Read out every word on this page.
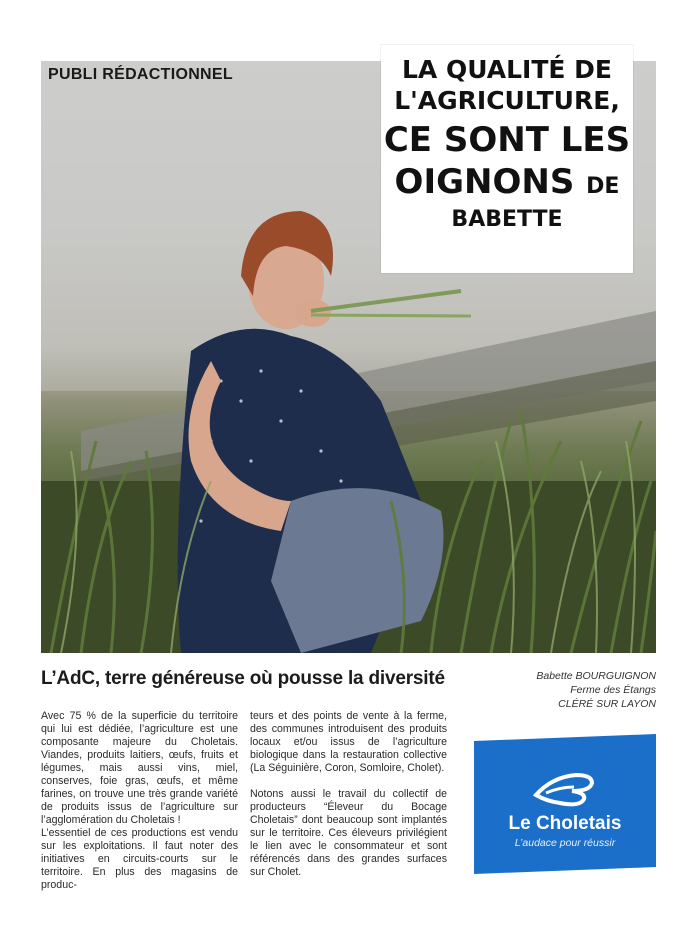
PUBLI RÉDACTIONNEL	LA QUALITÉ DE
L'AGRICULTURE,
CE SONT LES
OIGNONS DE
BABETTE
L’AdC, terre généreuse où pousse la diversité	Babette BOURGUIGNON
Ferme des Étangs
CLÉRÉ SUR LAYON

Avec 75 % de la superficie du territoire qui lui est dédiée, l’agriculture est une composante majeure du Choletais. Viandes, produits laitiers, œufs, fruits et légumes, mais aussi vins, miel, conserves, foie gras, œufs, et même farines, on trouve une très grande variété de produits issus de l’agriculture sur l’agglomération du Choletais !

L’essentiel de ces productions est vendu sur les exploitations. Il faut noter des initiatives en circuits-courts sur le territoire. En plus des magasins de produc-

teurs et des points de vente à la ferme, des communes introduisent des produits locaux et/ou issus de l’agriculture biologique dans la restauration collective (La Séguinière, Coron, Somloire, Cholet).

Notons aussi le travail du collectif de producteurs “Éleveur du Bocage Choletais” dont beaucoup sont implantés sur le territoire. Ces éleveurs privilégient le lien avec le consommateur et sont référencés dans des grandes surfaces sur Cholet.

Le Choletais
L’audace pour réussir
